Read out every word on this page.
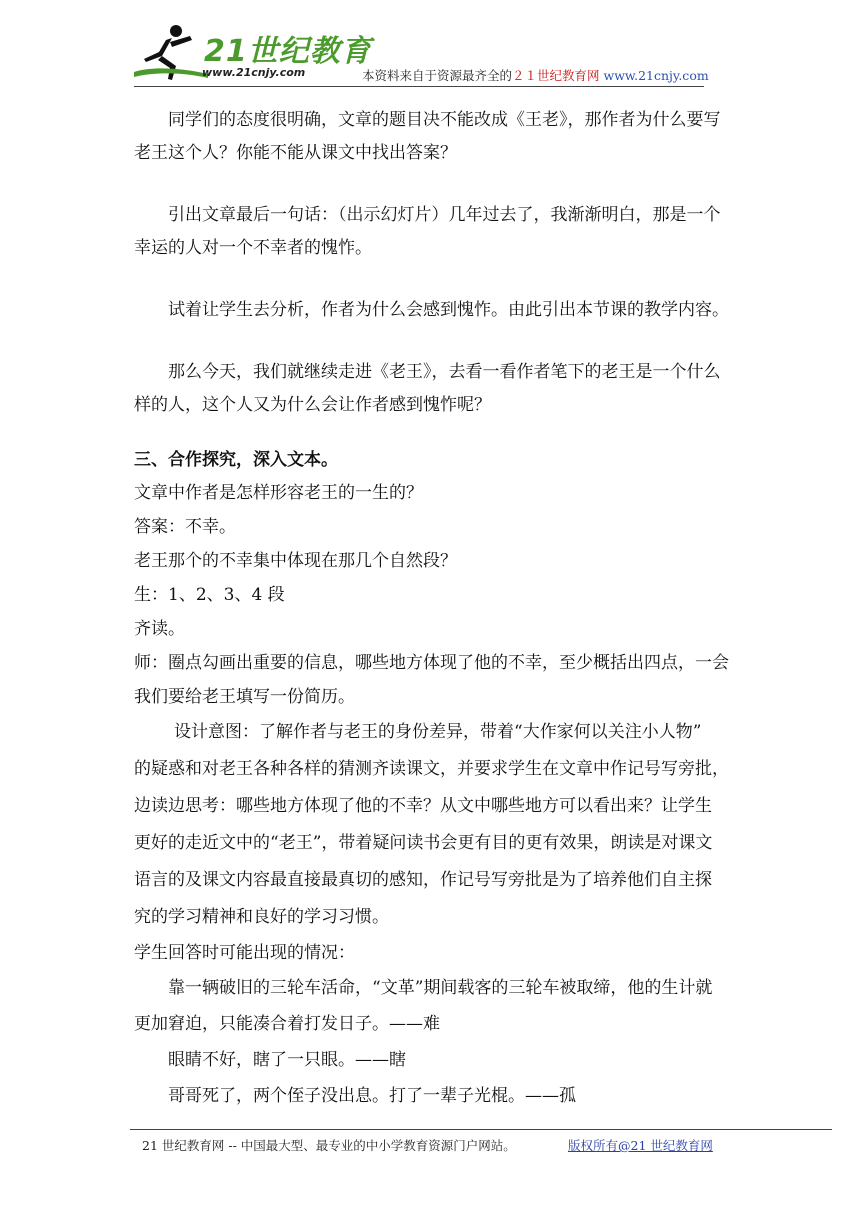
21世纪教育
www.21cnjy.com	本资料来自于资源最齐全的２１世纪教育网 www.21cnjy.com

同学们的态度很明确，文章的题目决不能改成《王老》，那作者为什么要写
老王这个人？你能不能从课文中找出答案？

引出文章最后一句话：（出示幻灯片）几年过去了，我渐渐明白，那是一个
幸运的人对一个不幸者的愧怍。

试着让学生去分析，作者为什么会感到愧怍。由此引出本节课的教学内容。

那么今天，我们就继续走进《老王》，去看一看作者笔下的老王是一个什么
样的人，这个人又为什么会让作者感到愧怍呢？

三、合作探究，深入文本。

文章中作者是怎样形容老王的一生的？

答案：不幸。

老王那个的不幸集中体现在那几个自然段？

生：1、2、3、4 段

齐读。

师：圈点勾画出重要的信息，哪些地方体现了他的不幸，至少概括出四点，一会
我们要给老王填写一份简历。

设计意图：了解作者与老王的身份差异，带着“大作家何以关注小人物”
的疑惑和对老王各种各样的猜测齐读课文，并要求学生在文章中作记号写旁批，
边读边思考：哪些地方体现了他的不幸？从文中哪些地方可以看出来？让学生
更好的走近文中的“老王”，带着疑问读书会更有目的更有效果，朗读是对课文
语言的及课文内容最直接最真切的感知，作记号写旁批是为了培养他们自主探
究的学习精神和良好的学习习惯。

学生回答时可能出现的情况：

靠一辆破旧的三轮车活命，“文革”期间载客的三轮车被取缔，他的生计就
更加窘迫，只能凑合着打发日子。——难

眼睛不好，瞎了一只眼。——瞎

哥哥死了，两个侄子没出息。打了一辈子光棍。——孤

21 世纪教育网 -- 中国最大型、最专业的中小学教育资源门户网站。	版权所有@21 世纪教育网
